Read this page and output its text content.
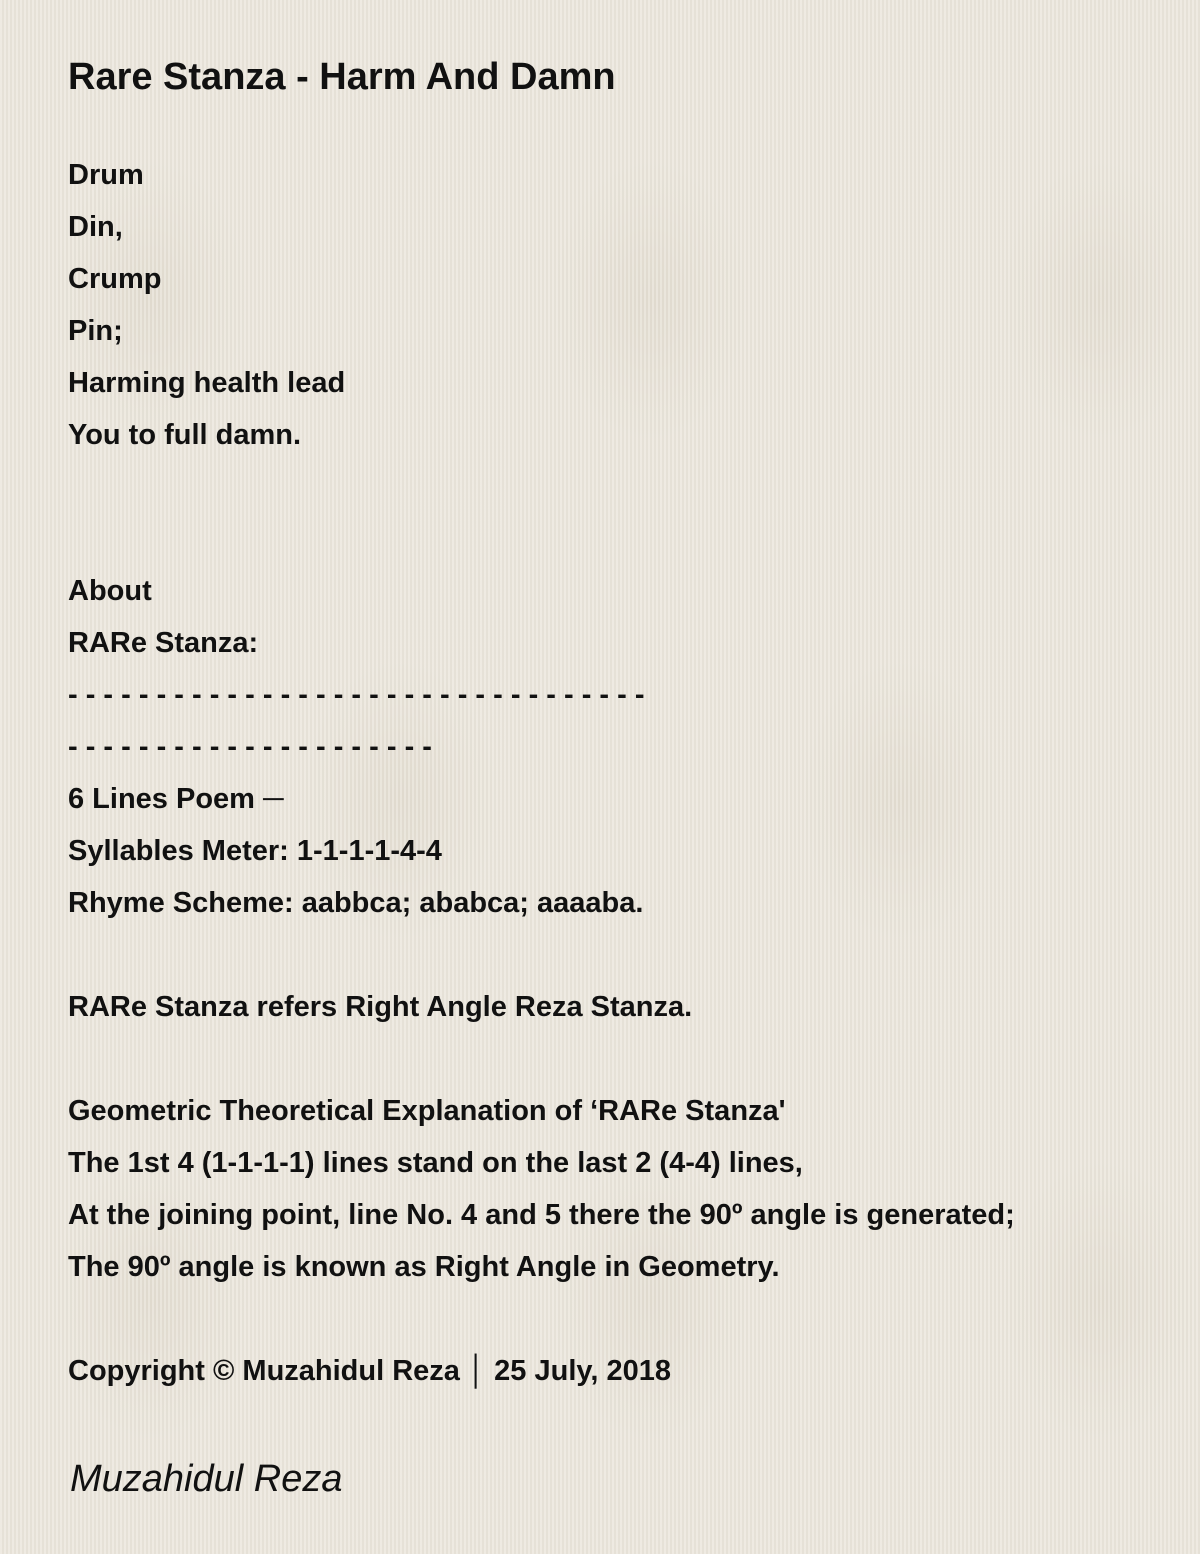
Rare Stanza - Harm And Damn
Drum
Din,
Crump
Pin;
Harming health lead
You to full damn.
About
RARe Stanza:
- - - - - - - - - - - - - - - - - - - - - - - - - - - - - - - - -
- - - - - - - - - - - - - - - - - - - - -
6 Lines Poem ─
Syllables Meter: 1-1-1-1-4-4
Rhyme Scheme: aabbca; ababca; aaaaba.
RARe Stanza refers Right Angle Reza Stanza.
Geometric Theoretical Explanation of ‘RARe Stanza'
The 1st 4 (1-1-1-1) lines stand on the last 2 (4-4) lines,
At the joining point, line No. 4 and 5 there the 90º angle is generated;
The 90º angle is known as Right Angle in Geometry.
Copyright © Muzahidul Reza │ 25 July, 2018
Muzahidul Reza
